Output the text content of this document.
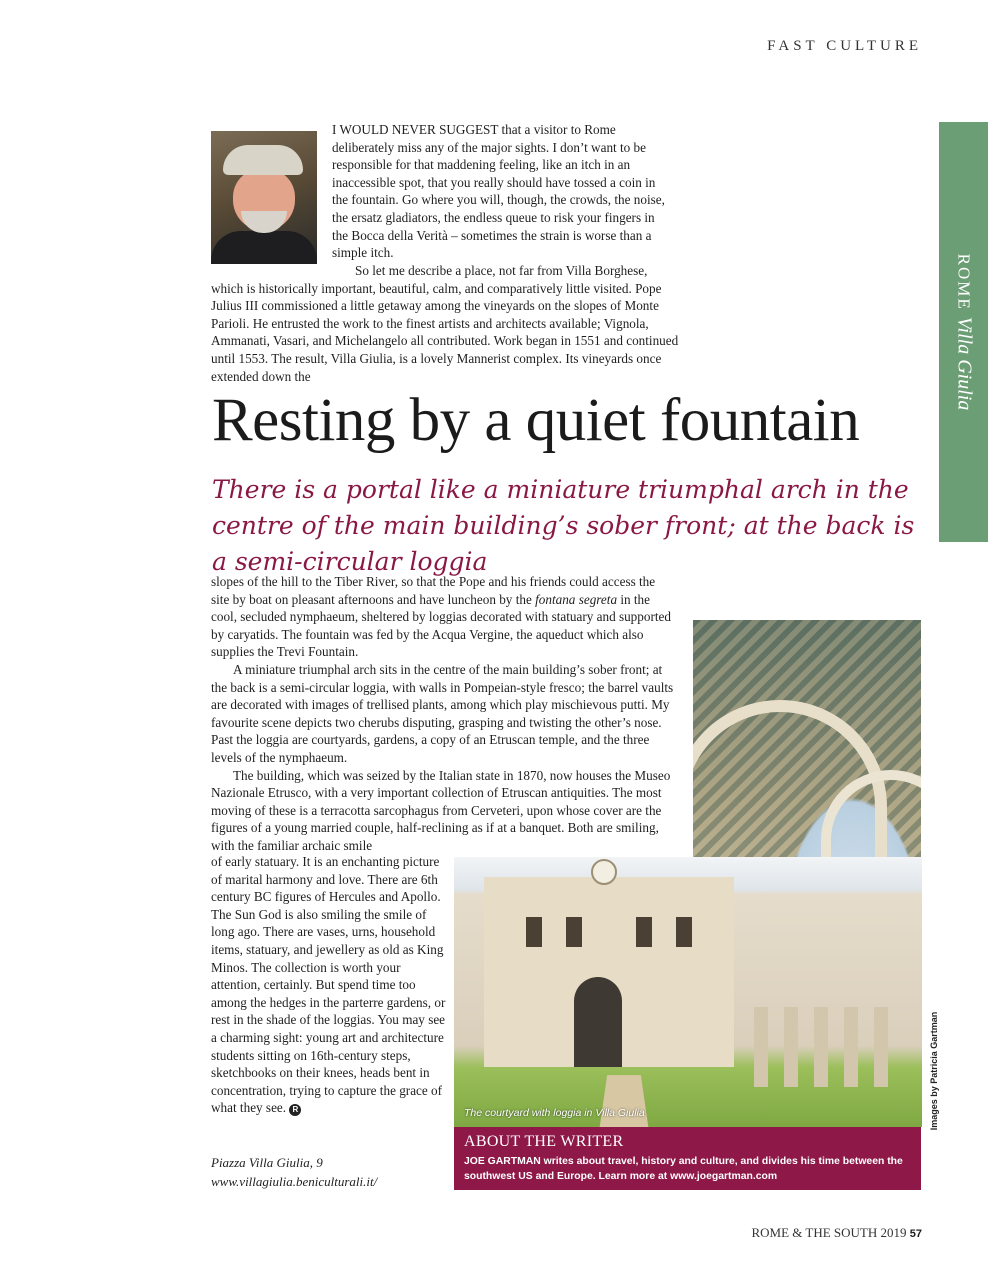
FAST CULTURE
ROMEVilla Giulia

I WOULD NEVER SUGGEST that a visitor to Rome deliberately miss any of the major sights. I don’t want to be responsible for that maddening feeling, like an itch in an inaccessible spot, that you really should have tossed a coin in the fountain. Go where you will, though, the crowds, the noise, the ersatz gladiators, the endless queue to risk your fingers in the Bocca della Verità – sometimes the strain is worse than a simple itch.

So let me describe a place, not far from Villa Borghese, which is historically important, beautiful, calm, and comparatively little visited. Pope Julius III commissioned a little getaway among the vineyards on the slopes of Monte Parioli. He entrusted the work to the finest artists and architects available; Vignola, Ammanati, Vasari, and Michelangelo all contributed. Work began in 1551 and continued until 1553. The result, Villa Giulia, is a lovely Mannerist complex. Its vineyards once extended down the

Resting by a quiet fountain
There is a portal like a miniature triumphal arch in the centre of the main building’s sober front; at the back is a semi-circular loggia

slopes of the hill to the Tiber River, so that the Pope and his friends could access the site by boat on pleasant afternoons and have luncheon by the fontana segreta in the cool, secluded nymphaeum, sheltered by loggias decorated with statuary and supported by caryatids. The fountain was fed by the Acqua Vergine, the aqueduct which also supplies the Trevi Fountain.

A miniature triumphal arch sits in the centre of the main building’s sober front; at the back is a semi-circular loggia, with walls in Pompeian-style fresco; the barrel vaults are decorated with images of trellised plants, among which play mischievous putti. My favourite scene depicts two cherubs disputing, grasping and twisting the other’s nose. Past the loggia are courtyards, gardens, a copy of an Etruscan temple, and the three levels of the nymphaeum.

The building, which was seized by the Italian state in 1870, now houses the Museo Nazionale Etrusco, with a very important collection of Etruscan antiquities. The most moving of these is a terracotta sarcophagus from Cerveteri, upon whose cover are the figures of a young married couple, half-reclining as if at a banquet. Both are smiling, with the familiar archaic smile

of early statuary. It is an enchanting picture of marital harmony and love. There are 6th century BC figures of Hercules and Apollo. The Sun God is also smiling the smile of long ago. There are vases, urns, household items, statuary, and jewellery as old as King Minos. The collection is worth your attention, certainly. But spend time too among the hedges in the parterre gardens, or rest in the shade of the loggias. You may see a charming sight: young art and architecture students sitting on 16th-century steps, sketchbooks on their knees, heads bent in concentration, trying to capture the grace of what they see. R

Piazza Villa Giulia, 9
www.villagiulia.beniculturali.it/
The courtyard with loggia in Villa Giulia	Images by Patricia Gartman
ABOUT THE WRITER
JOE GARTMAN writes about travel, history and culture, and divides his time between the southwest US and Europe. Learn more at www.joegartman.com
ROME & THE SOUTH 2019 57
